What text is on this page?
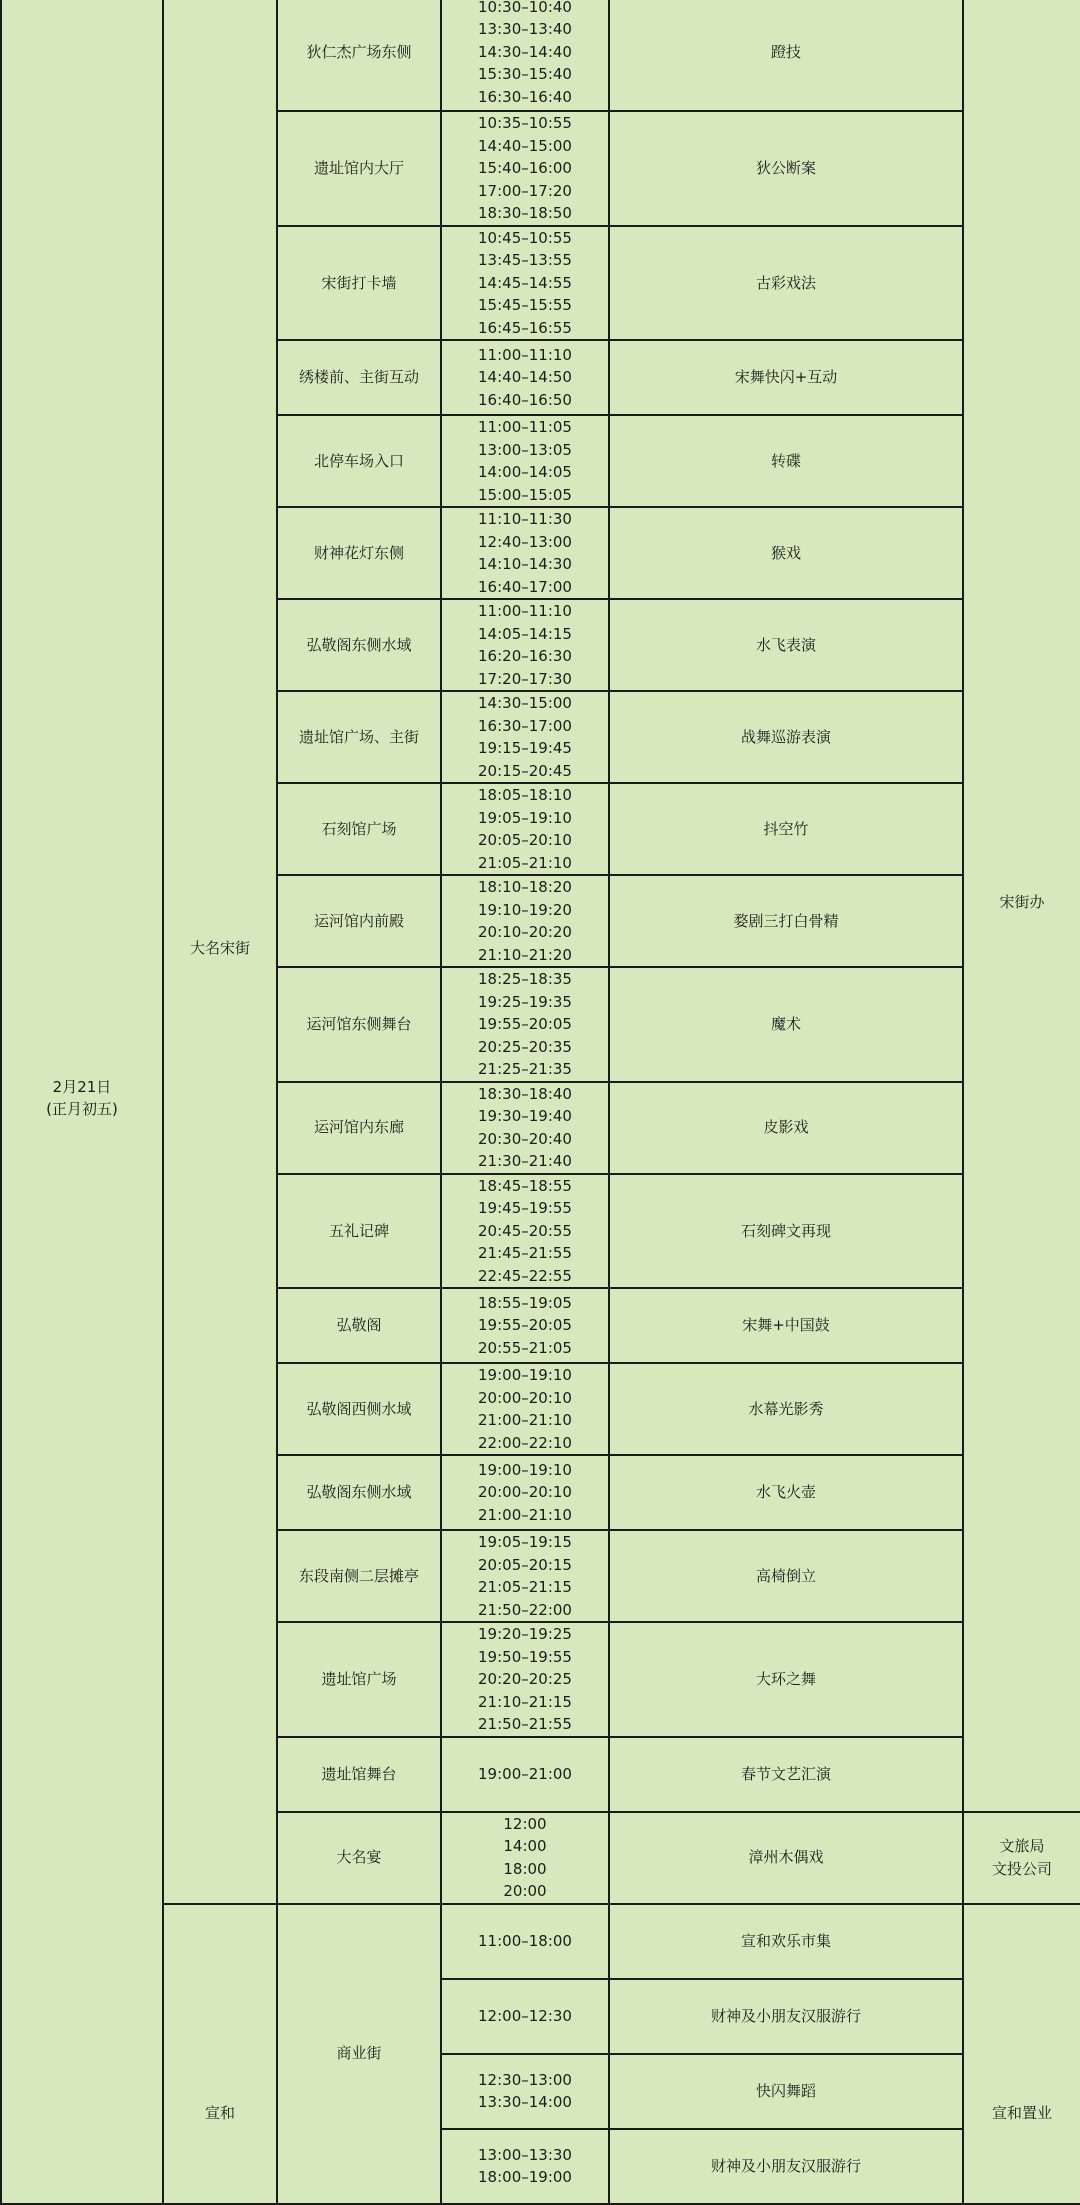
2月21日
(正月初五)	大名宋街	狄仁杰广场东侧	10:30–10:40
13:30–13:40
14:30–14:40
15:30–15:40
16:30–16:40	蹬技	宋街办
		遗址馆内大厅	10:35–10:55
14:40–15:00
15:40–16:00
17:00–17:20
18:30–18:50	狄公断案	
		宋街打卡墙	10:45–10:55
13:45–13:55
14:45–14:55
15:45–15:55
16:45–16:55	古彩戏法	
		绣楼前、主街互动	11:00–11:10
14:40–14:50
16:40–16:50	宋舞快闪+互动	
		北停车场入口	11:00–11:05
13:00–13:05
14:00–14:05
15:00–15:05	转碟	
		财神花灯东侧	11:10–11:30
12:40–13:00
14:10–14:30
16:40–17:00	猴戏	
		弘敬阁东侧水域	11:00–11:10
14:05–14:15
16:20–16:30
17:20–17:30	水飞表演	
		遗址馆广场、主街	14:30–15:00
16:30–17:00
19:15–19:45
20:15–20:45	战舞巡游表演	
		石刻馆广场	18:05–18:10
19:05–19:10
20:05–20:10
21:05–21:10	抖空竹	
		运河馆内前殿	18:10–18:20
19:10–19:20
20:10–20:20
21:10–21:20	婺剧三打白骨精	
		运河馆东侧舞台	18:25–18:35
19:25–19:35
19:55–20:05
20:25–20:35
21:25–21:35	魔术	
		运河馆内东廊	18:30–18:40
19:30–19:40
20:30–20:40
21:30–21:40	皮影戏	
		五礼记碑	18:45–18:55
19:45–19:55
20:45–20:55
21:45–21:55
22:45–22:55	石刻碑文再现	
		弘敬阁	18:55–19:05
19:55–20:05
20:55–21:05	宋舞+中国鼓	
		弘敬阁西侧水域	19:00–19:10
20:00–20:10
21:00–21:10
22:00–22:10	水幕光影秀	
		弘敬阁东侧水域	19:00–19:10
20:00–20:10
21:00–21:10	水飞火壶	
		东段南侧二层摊亭	19:05–19:15
20:05–20:15
21:05–21:15
21:50–22:00	高椅倒立	
		遗址馆广场	19:20–19:25
19:50–19:55
20:20–20:25
21:10–21:15
21:50–21:55	大环之舞	
		遗址馆舞台	19:00–21:00	春节文艺汇演	
		大名宴	12:00
14:00
18:00
20:00	漳州木偶戏	文旅局
文投公司

	宣和	商业街	11:00–18:00	宣和欢乐市集	宣和置业

			12:00–12:30	财神及小朋友汉服游行	

			12:30–13:00
13:30–14:00	快闪舞蹈	

			13:00–13:30
18:00–19:00	财神及小朋友汉服游行	
